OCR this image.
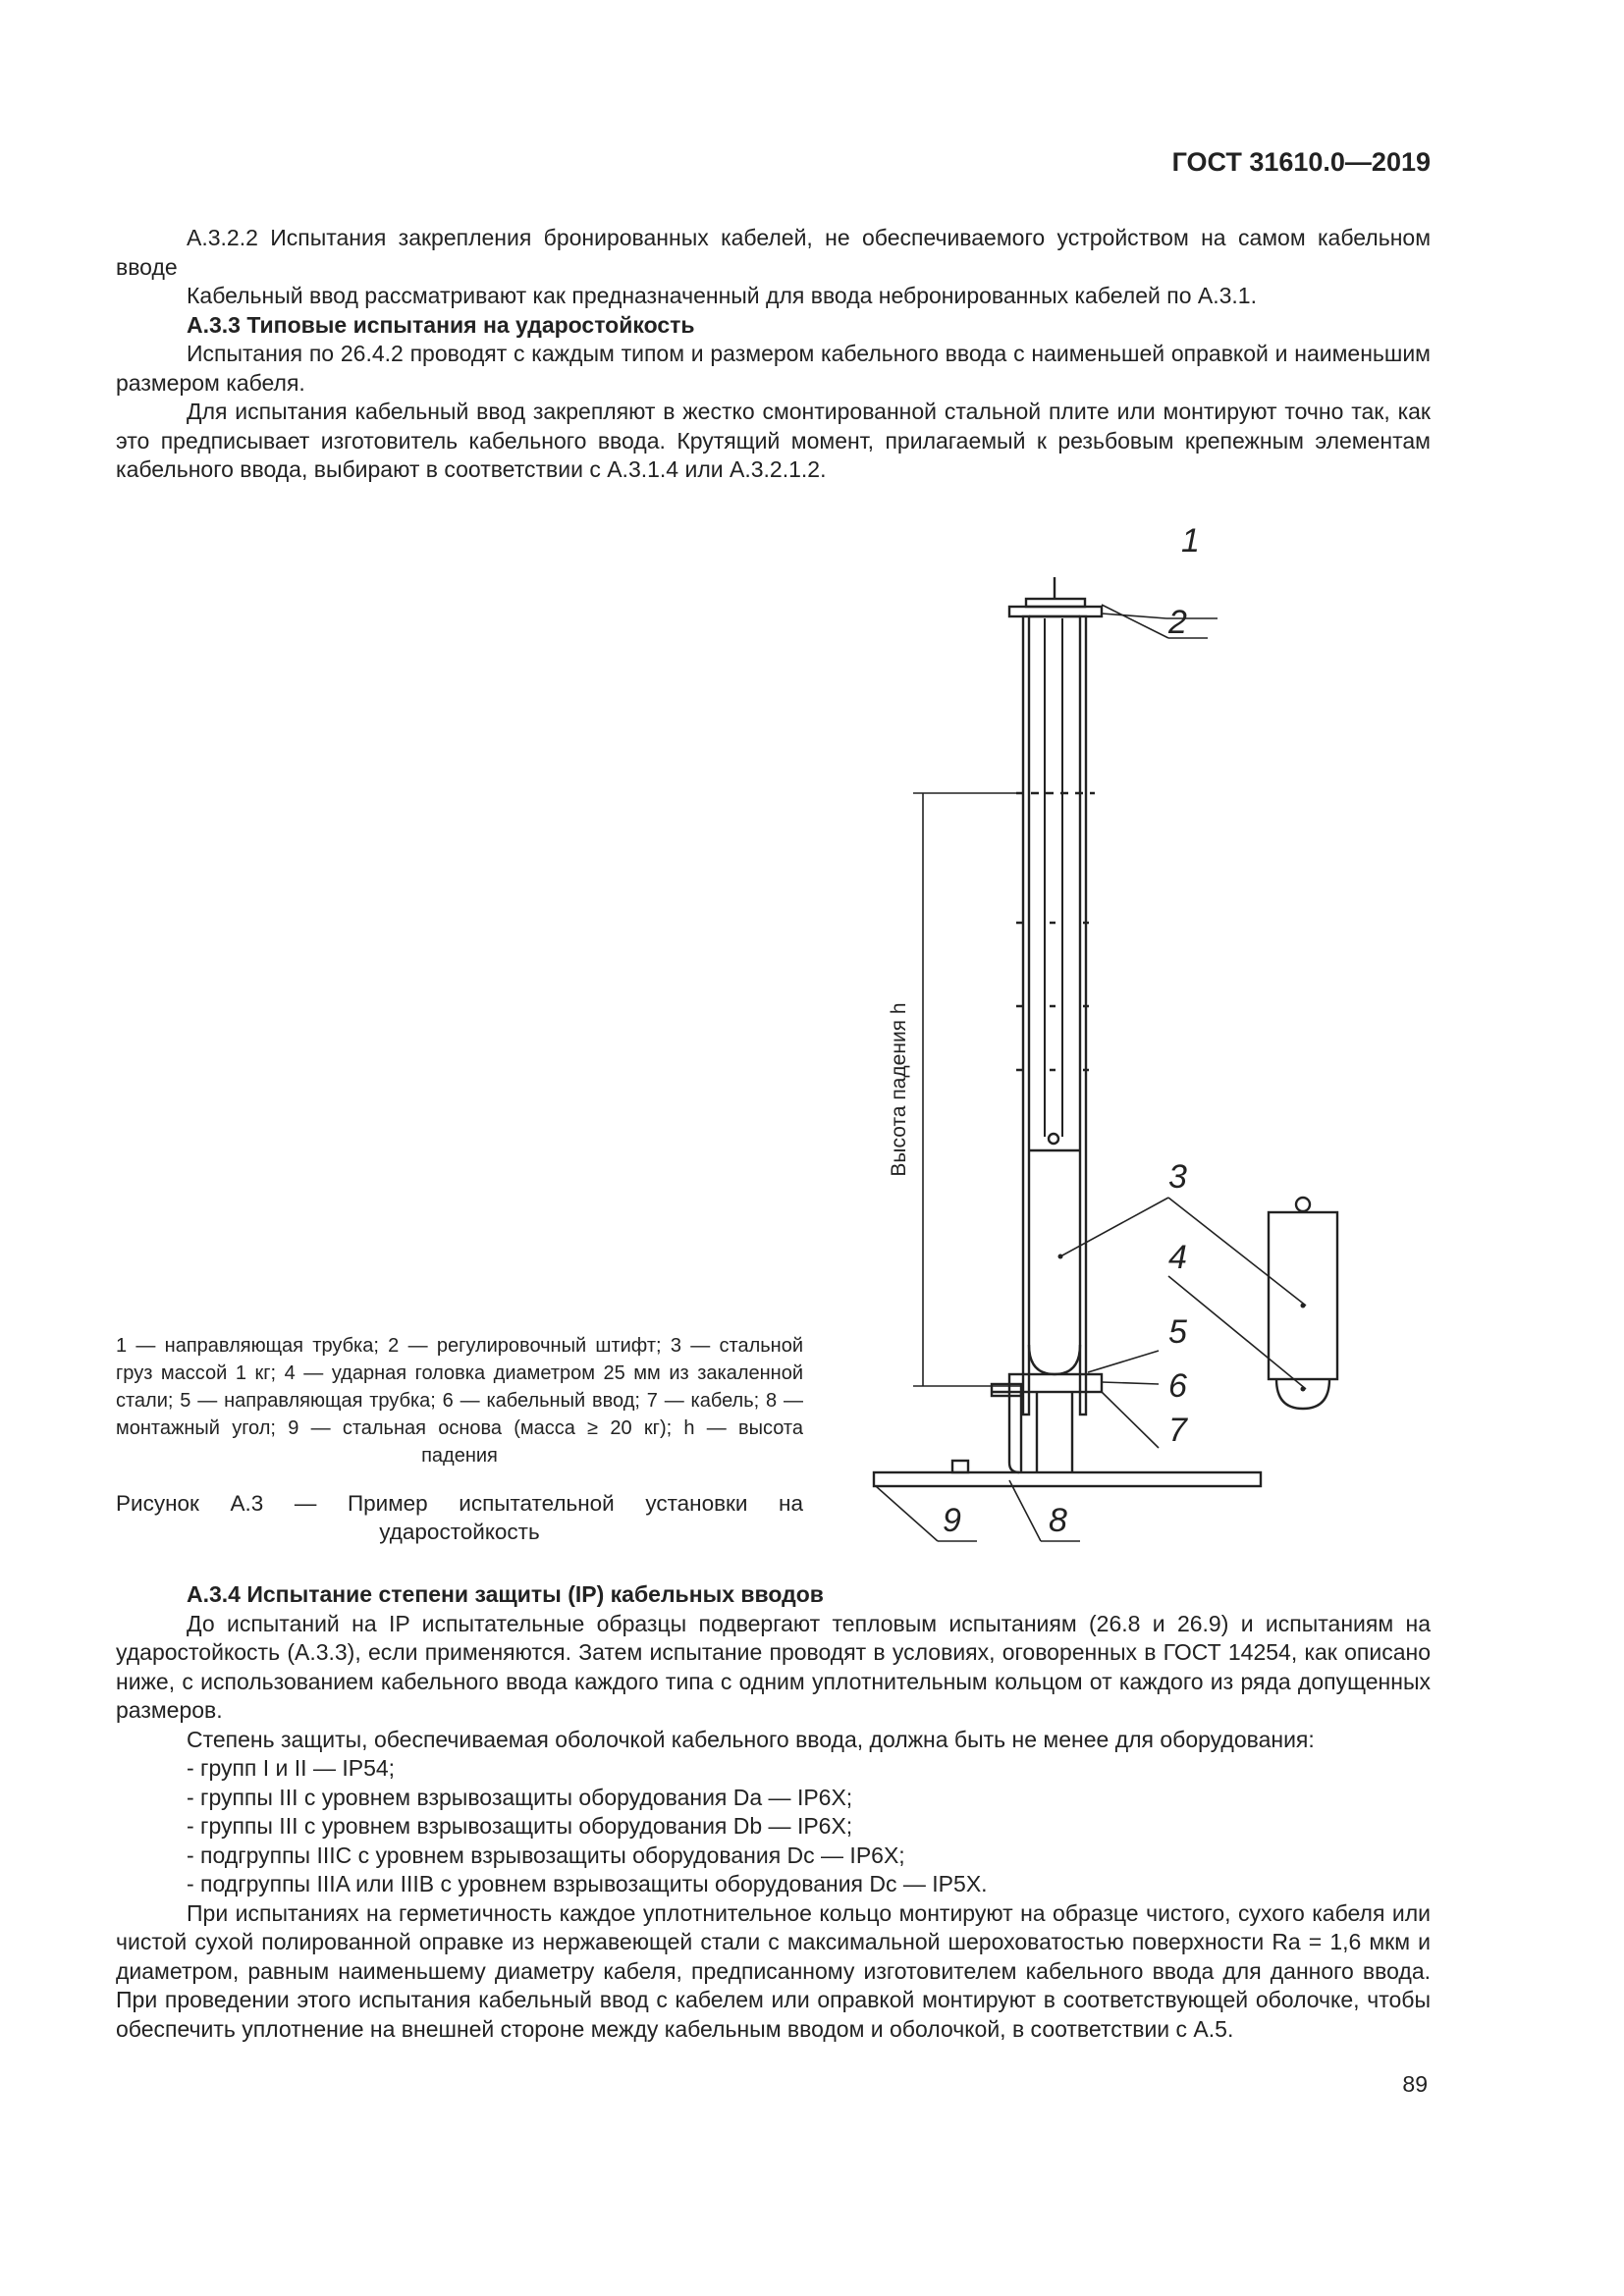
ГОСТ 31610.0—2019

А.3.2.2 Испытания закрепления бронированных кабелей, не обеспечиваемого устройством на самом кабельном вводе

Кабельный ввод рассматривают как предназначенный для ввода небронированных кабелей по А.3.1.

А.3.3 Типовые испытания на ударостойкость

Испытания по 26.4.2 проводят с каждым типом и размером кабельного ввода с наименьшей оправкой и наименьшим размером кабеля.

Для испытания кабельный ввод закрепляют в жестко смонтированной стальной плите или монтируют точно так, как это предписывает изготовитель кабельного ввода. Крутящий момент, прилагаемый к резьбовым крепежным элементам кабельного ввода, выбирают в соответствии с А.3.1.4 или А.3.2.1.2.

1
2
3
4
5
6
7
9	8
Высота падения h
1 — направляющая трубка; 2 — регулировочный штифт; 3 — стальной груз массой 1 кг; 4 — ударная головка диаметром 25 мм из закаленной стали; 5 — направляющая трубка; 6 — кабельный ввод; 7 — кабель; 8 — монтажный угол; 9 — стальная основа (масса ≥ 20 кг); h — высота падения
Рисунок А.3 — Пример испытательной установки на ударостойкость

А.3.4 Испытание степени защиты (IP) кабельных вводов

До испытаний на IP испытательные образцы подвергают тепловым испытаниям (26.8 и 26.9) и испытаниям на ударостойкость (А.3.3), если применяются. Затем испытание проводят в условиях, оговоренных в ГОСТ 14254, как описано ниже, с использованием кабельного ввода каждого типа с одним уплотнительным кольцом от каждого из ряда допущенных размеров.

Степень защиты, обеспечиваемая оболочкой кабельного ввода, должна быть не менее для оборудования:

- групп I и II — IP54;

- группы III с уровнем взрывозащиты оборудования Da — IP6X;

- группы III с уровнем взрывозащиты оборудования Db — IP6X;

- подгруппы IIIC с уровнем взрывозащиты оборудования Dc — IP6X;

- подгруппы IIIA или IIIB с уровнем взрывозащиты оборудования Dc — IP5X.

При испытаниях на герметичность каждое уплотнительное кольцо монтируют на образце чистого, сухого кабеля или чистой сухой полированной оправке из нержавеющей стали с максимальной шероховатостью поверхности Ra = 1,6 мкм и диаметром, равным наименьшему диаметру кабеля, предписанному изготовителем кабельного ввода для данного ввода. При проведении этого испытания кабельный ввод с кабелем или оправкой монтируют в соответствующей оболочке, чтобы обеспечить уплотнение на внешней стороне между кабельным вводом и оболочкой, в соответствии с А.5.

89
